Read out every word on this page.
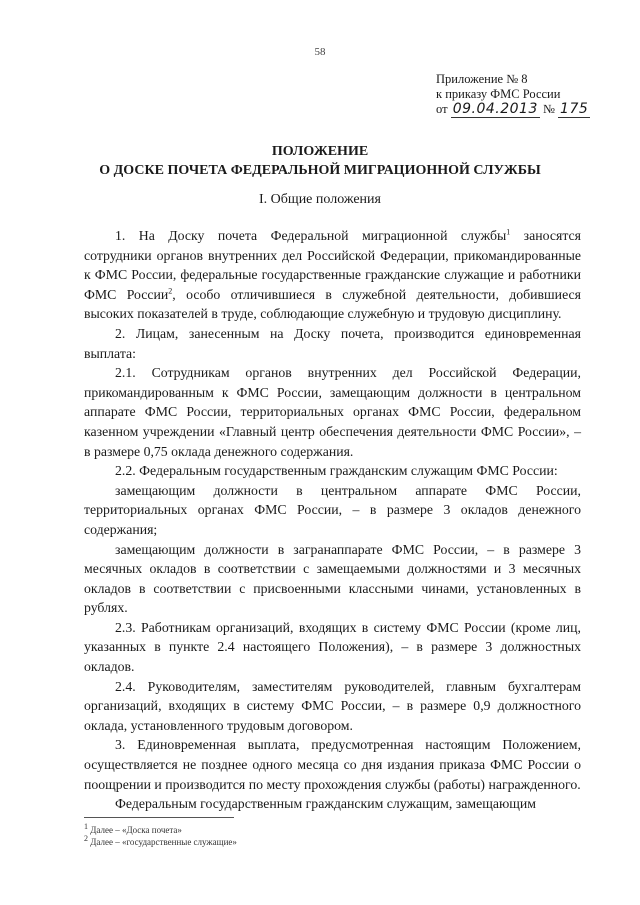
58
Приложение № 8
к приказу ФМС России
от 09.04.2013 № 175
ПОЛОЖЕНИЕ
О ДОСКЕ ПОЧЕТА ФЕДЕРАЛЬНОЙ МИГРАЦИОННОЙ СЛУЖБЫ
I. Общие положения

1. На Доску почета Федеральной миграционной службы$^1$ заносятся сотрудники органов внутренних дел Российской Федерации, прикомандированные к ФМС России, федеральные государственные гражданские служащие и работники ФМС России$^2$, особо отличившиеся в служебной деятельности, добившиеся высоких показателей в труде, соблюдающие служебную и трудовую дисциплину.

2. Лицам, занесенным на Доску почета, производится единовременная выплата:

2.1. Сотрудникам органов внутренних дел Российской Федерации, прикомандированным к ФМС России, замещающим должности в центральном аппарате ФМС России, территориальных органах ФМС России, федеральном казенном учреждении «Главный центр обеспечения деятельности ФМС России», – в размере 0,75 оклада денежного содержания.

2.2. Федеральным государственным гражданским служащим ФМС России:

замещающим должности в центральном аппарате ФМС России, территориальных органах ФМС России, – в размере 3 окладов денежного содержания;

замещающим должности в загранаппарате ФМС России, – в размере 3 месячных окладов в соответствии с замещаемыми должностями и 3 месячных окладов в соответствии с присвоенными классными чинами, установленных в рублях.

2.3. Работникам организаций, входящих в систему ФМС России (кроме лиц, указанных в пункте 2.4 настоящего Положения), – в размере 3 должностных окладов.

2.4. Руководителям, заместителям руководителей, главным бухгалтерам организаций, входящих в систему ФМС России, – в размере 0,9 должностного оклада, установленного трудовым договором.

3. Единовременная выплата, предусмотренная настоящим Положением, осуществляется не позднее одного месяца со дня издания приказа ФМС России о поощрении и производится по месту прохождения службы (работы) награжденного.

Федеральным государственным гражданским служащим, замещающим

$^1$ Далее – «Доска почета»
$^2$ Далее – «государственные служащие»
